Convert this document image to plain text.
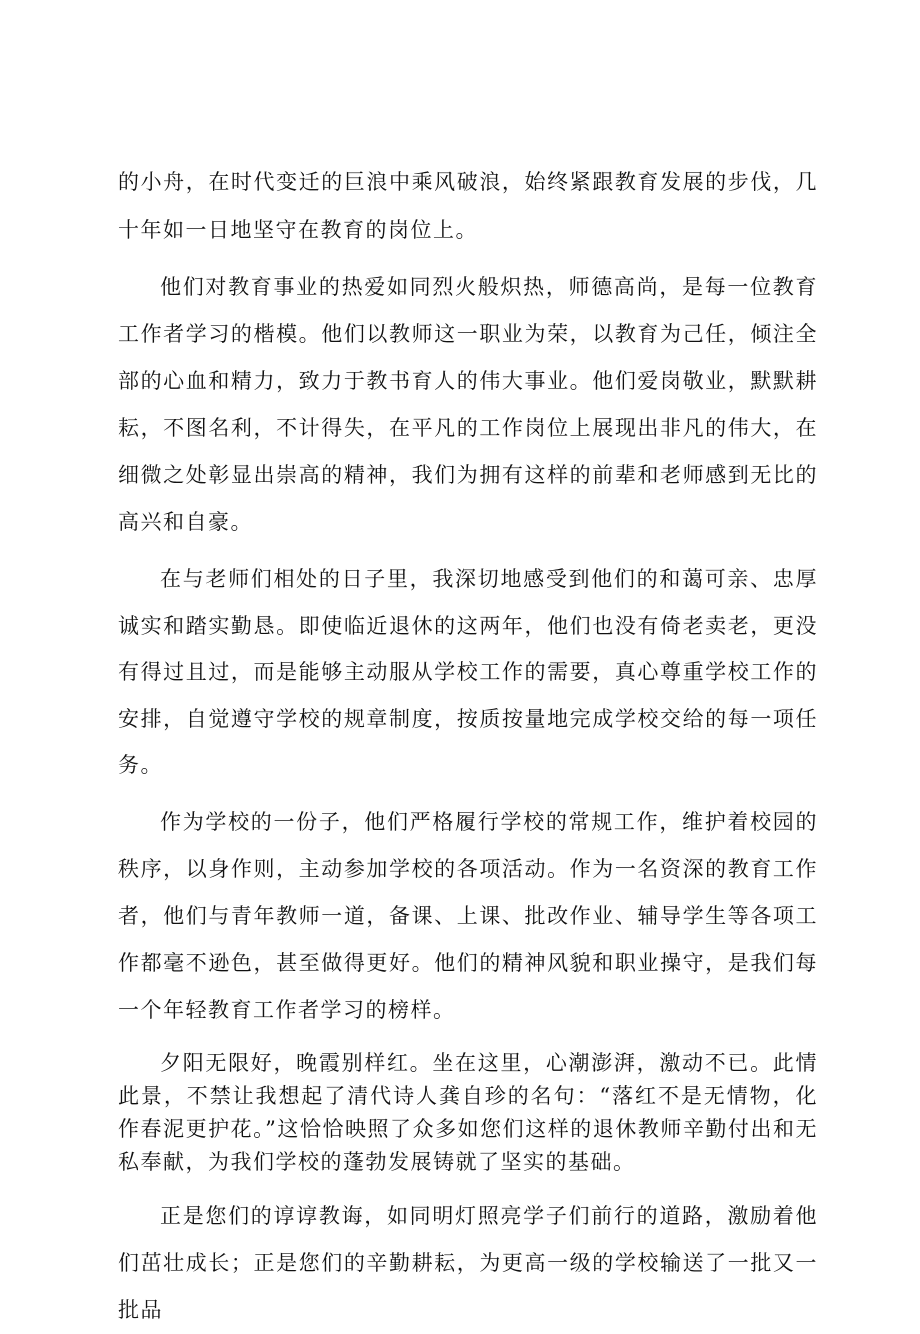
的小舟，在时代变迁的巨浪中乘风破浪，始终紧跟教育发展的步伐，几十年如一日地坚守在教育的岗位上。

他们对教育事业的热爱如同烈火般炽热，师德高尚，是每一位教育工作者学习的楷模。他们以教师这一职业为荣，以教育为己任，倾注全部的心血和精力，致力于教书育人的伟大事业。他们爱岗敬业，默默耕耘，不图名利，不计得失，在平凡的工作岗位上展现出非凡的伟大，在细微之处彰显出崇高的精神，我们为拥有这样的前辈和老师感到无比的高兴和自豪。

在与老师们相处的日子里，我深切地感受到他们的和蔼可亲、忠厚诚实和踏实勤恳。即使临近退休的这两年，他们也没有倚老卖老，更没有得过且过，而是能够主动服从学校工作的需要，真心尊重学校工作的安排，自觉遵守学校的规章制度，按质按量地完成学校交给的每一项任务。

作为学校的一份子，他们严格履行学校的常规工作，维护着校园的秩序，以身作则，主动参加学校的各项活动。作为一名资深的教育工作者，他们与青年教师一道，备课、上课、批改作业、辅导学生等各项工作都毫不逊色，甚至做得更好。他们的精神风貌和职业操守，是我们每一个年轻教育工作者学习的榜样。

夕阳无限好，晚霞别样红。坐在这里，心潮澎湃，激动不已。此情此景，不禁让我想起了清代诗人龚自珍的名句：“落红不是无情物，化作春泥更护花。”这恰恰映照了众多如您们这样的退休教师辛勤付出和无私奉献，为我们学校的蓬勃发展铸就了坚实的基础。

正是您们的谆谆教诲，如同明灯照亮学子们前行的道路，激励着他们茁壮成长；正是您们的辛勤耕耘，为更高一级的学校输送了一批又一批品
